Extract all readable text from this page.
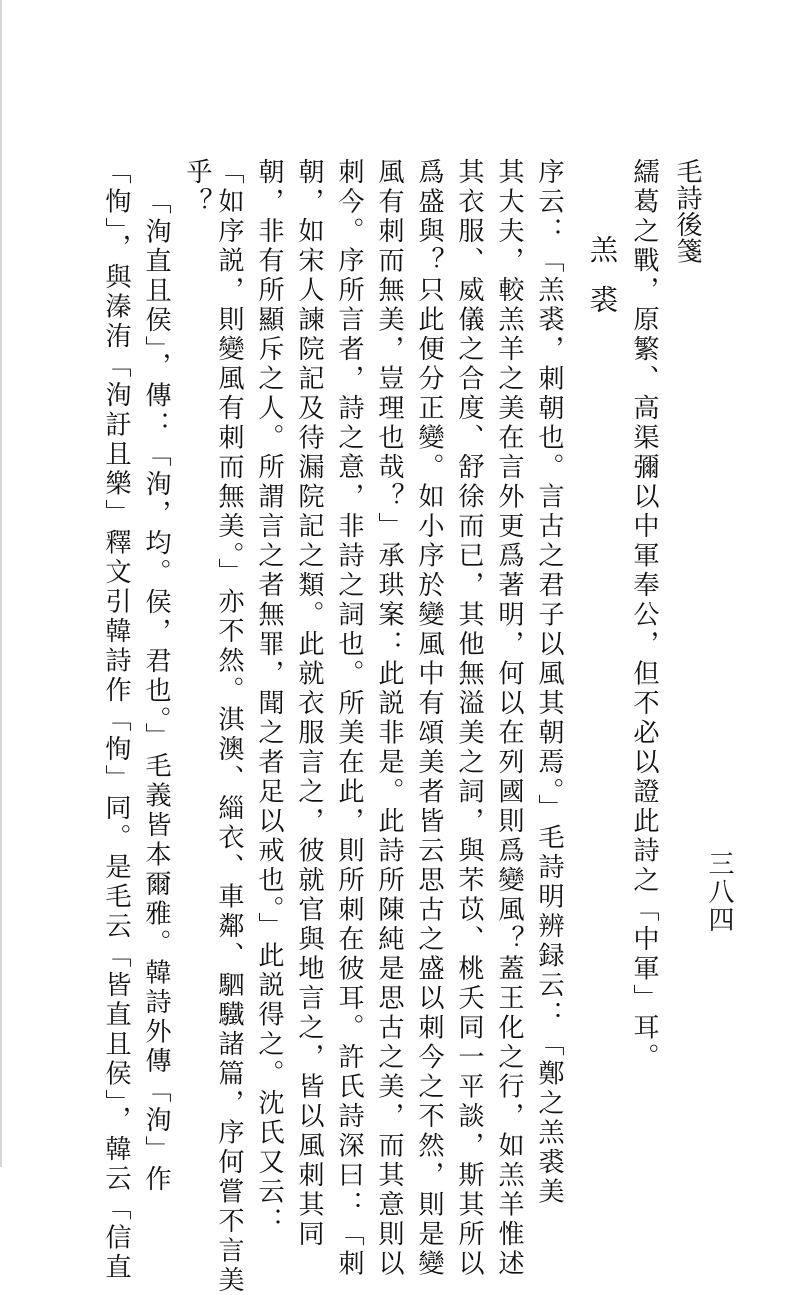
毛詩後箋
三八四
繻葛之戰，原繁、高渠彌以中軍奉公，但不必以證此詩之「中軍」耳。
羔裘
序云：「羔裘，刺朝也。言古之君子以風其朝焉。」毛詩明辨録云：「鄭之羔裘美
其大夫，較羔羊之美在言外更爲著明，何以在列國則爲變風？蓋王化之行，如羔羊惟述
其衣服、威儀之合度、舒徐而已，其他無溢美之詞，與芣苡、桃夭同一平談，斯其所以
爲盛與？只此便分正變。如小序於變風中有頌美者皆云思古之盛以刺今之不然，則是變
風有刺而無美，豈理也哉？」承珙案：此説非是。此詩所陳純是思古之美，而其意則以
刺今。序所言者，詩之意，非詩之詞也。所美在此，則所刺在彼耳。許氏詩深曰：「刺
朝，如宋人諫院記及待漏院記之類。此就衣服言之，彼就官與地言之，皆以風刺其同
朝，非有所顯斥之人。所謂言之者無罪，聞之者足以戒也。」此説得之。沈氏又云：
「如序説，則變風有刺而無美。」亦不然。淇澳、緇衣、車鄰、駟驖諸篇，序何嘗不言美
乎？
「洵直且侯」，傳：「洵，均。侯，君也。」毛義皆本爾雅。韓詩外傳「洵」作
「恂」，與溱洧「洵訏且樂」釋文引韓詩作「恂」同。是毛云「皆直且侯」，韓云「信直
